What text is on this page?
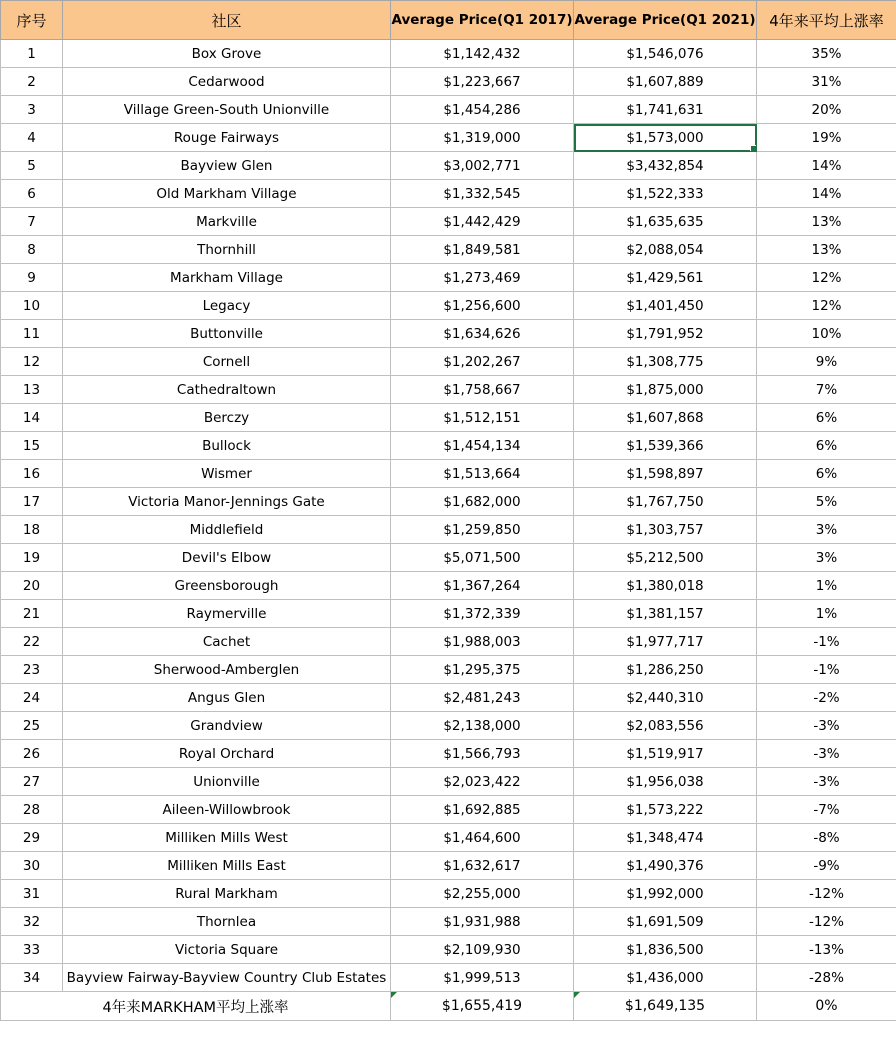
序号	社区	Average Price(Q1 2017)	Average Price(Q1 2021)	4年来平均上涨率
1	Box Grove	$1,142,432	$1,546,076	35%
2	Cedarwood	$1,223,667	$1,607,889	31%
3	Village Green-South Unionville	$1,454,286	$1,741,631	20%
4	Rouge Fairways	$1,319,000	$1,573,000	19%
5	Bayview Glen	$3,002,771	$3,432,854	14%
6	Old Markham Village	$1,332,545	$1,522,333	14%
7	Markville	$1,442,429	$1,635,635	13%
8	Thornhill	$1,849,581	$2,088,054	13%
9	Markham Village	$1,273,469	$1,429,561	12%
10	Legacy	$1,256,600	$1,401,450	12%
11	Buttonville	$1,634,626	$1,791,952	10%
12	Cornell	$1,202,267	$1,308,775	9%
13	Cathedraltown	$1,758,667	$1,875,000	7%
14	Berczy	$1,512,151	$1,607,868	6%
15	Bullock	$1,454,134	$1,539,366	6%
16	Wismer	$1,513,664	$1,598,897	6%
17	Victoria Manor-Jennings Gate	$1,682,000	$1,767,750	5%
18	Middlefield	$1,259,850	$1,303,757	3%
19	Devil's Elbow	$5,071,500	$5,212,500	3%
20	Greensborough	$1,367,264	$1,380,018	1%
21	Raymerville	$1,372,339	$1,381,157	1%
22	Cachet	$1,988,003	$1,977,717	-1%
23	Sherwood-Amberglen	$1,295,375	$1,286,250	-1%
24	Angus Glen	$2,481,243	$2,440,310	-2%
25	Grandview	$2,138,000	$2,083,556	-3%
26	Royal Orchard	$1,566,793	$1,519,917	-3%
27	Unionville	$2,023,422	$1,956,038	-3%
28	Aileen-Willowbrook	$1,692,885	$1,573,222	-7%
29	Milliken Mills West	$1,464,600	$1,348,474	-8%
30	Milliken Mills East	$1,632,617	$1,490,376	-9%
31	Rural Markham	$2,255,000	$1,992,000	-12%
32	Thornlea	$1,931,988	$1,691,509	-12%
33	Victoria Square	$2,109,930	$1,836,500	-13%
34	Bayview Fairway-Bayview Country Club Estates	$1,999,513	$1,436,000	-28%
4年来MARKHAM平均上涨率		$1,655,419	$1,649,135	0%
